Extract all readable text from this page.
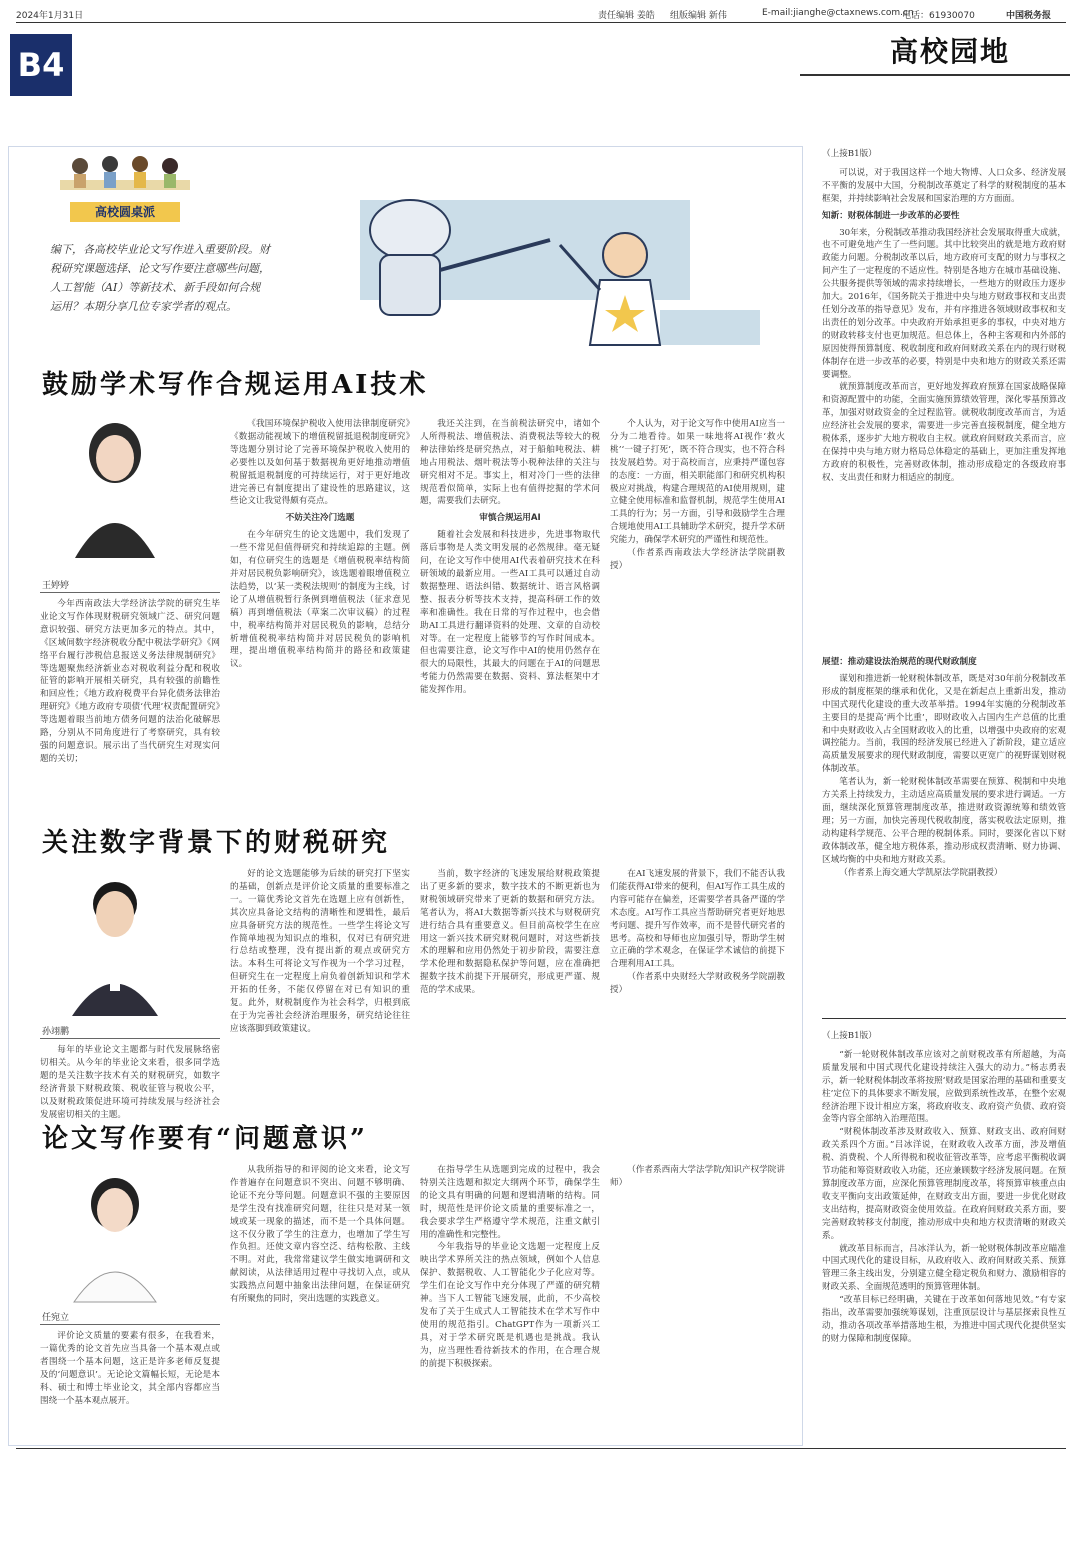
2024年1月31日	责任编辑 姜皓 组版编辑 新伟	E-mail:jianghe@ctaxnews.com.cn
电话：61930070	中国税务报
B4	高校园地
高校圆桌派
编下，各高校毕业论文写作进入重要阶段。财税研究课题选择、论文写作要注意哪些问题，人工智能（AI）等新技术、新手段如何合规运用？本期分享几位专家学者的观点。
鼓励学术写作合规运用AI技术
王婷婷

今年西南政法大学经济法学院的研究生毕业论文写作体现财税研究领域广泛、研究问题意识较强、研究方法更加多元的特点。其中，《区域间数字经济税收分配中税法学研究》《网络平台履行涉税信息报送义务法律规制研究》等选题聚焦经济新业态对税收利益分配和税收征管的影响开展相关研究，具有较强的前瞻性和回应性；《地方政府税费平台异化债务法律治理研究》《地方政府专项债‘代理’权责配置研究》等选题着眼当前地方债务问题的法治化破解思路，分别从不同角度进行了考察研究，具有较强的问题意识。展示出了当代研究生对现实问题的关切；

《我国环境保护税收入使用法律制度研究》《数据动能视域下的增值税留抵退税制度研究》等选题分别讨论了完善环境保护税收入使用的必要性以及如何基于数据视角更好地推动增值税留抵退税制度的可持续运行，对于更好地改进完善已有制度提出了建设性的思路建议，这些论文让我觉得颇有亮点。

不妨关注冷门选题

在今年研究生的论文选题中，我们发现了一些不常见但值得研究和持续追踪的主题。例如，有位研究生的选题是《增值税税率结构简并对居民税负影响研究》，该选题着眼增值税立法趋势，以‘某一类税法规则’的制度为主线，讨论了从增值税暂行条例到增值税法（征求意见稿）再到增值税法（草案二次审议稿）的过程中，税率结构简并对居民税负的影响，总结分析增值税税率结构简并对居民税负的影响机理，提出增值税率结构简并的路径和政策建议。

我还关注到，在当前税法研究中，诸如个人所得税法、增值税法、消费税法等较大的税种法律始终是研究热点，对于船舶吨税法、耕地占用税法、烟叶税法等小税种法律的关注与研究相对不足。事实上，相对冷门一些的法律规范看似简单，实际上也有值得挖掘的学术问题，需要我们去研究。

审慎合规运用AI

随着社会发展和科技进步，先进事物取代落后事物是人类文明发展的必然规律。毫无疑问，在论文写作中使用AI代表着研究技术在科研领域的最新应用。一些AI工具可以通过自动数据整理、语法纠错、数据统计、语言风格调整、报表分析等技术支持，提高科研工作的效率和准确性。我在日常的写作过程中，也会借助AI工具进行翻译资料的处理、文章的自动校对等。在一定程度上能够节约写作时间成本。但也需要注意，论文写作中AI的使用仍然存在很大的局限性，其最大的问题在于AI的问题思考能力仍然需要在数据、资料、算法框架中才能发挥作用。

个人认为，对于论文写作中使用AI应当一分为二地看待。如果一味地将AI视作‘救火桃’‘一键子打死’，既不符合现实，也不符合科技发展趋势。对于高校而言，应秉持严谨包容的态度：一方面，相关职能部门和研究机构积极应对挑战，构建合理规范的AI使用规则，建立健全使用标准和监督机制，规范学生使用AI工具的行为；另一方面，引导和鼓励学生合理合规地使用AI工具辅助学术研究，提升学术研究能力，确保学术研究的严谨性和规范性。

（作者系西南政法大学经济法学院副教授）

关注数字背景下的财税研究
孙翊鹏

每年的毕业论文主题都与时代发展脉络密切相关。从今年的毕业论文来看，很多同学选题的是关注数字技术有关的财税研究，如数字经济背景下财税政策、税收征管与税收公平，以及财税政策促进环境可持续发展与经济社会发展密切相关的主题。

好的论文选题能够为后续的研究打下坚实的基础，创新点是评价论文质量的重要标准之一。一篇优秀论文首先在选题上应有创新性，其次应具备论文结构的清晰性和逻辑性，最后应具备研究方法的规范性。一些学生将论文写作简单地视为知识点的堆积，仅对已有研究进行总结或整理，没有提出新的观点或研究方法。本科生可将论文写作视为一个学习过程，但研究生在一定程度上肩负着创新知识和学术开拓的任务，不能仅停留在对已有知识的重复。此外，财税制度作为社会科学，归根到底在于为完善社会经济治理服务，研究结论往往应该落脚到政策建议。

当前，数字经济的飞速发展给财税政策提出了更多新的要求，数字技术的不断更新也为财税领域研究带来了更新的数据和研究方法。笔者认为，将AI大数据等新兴技术与财税研究进行结合具有重要意义。但目前高校学生在应用这一新兴技术研究财税问题时，对这些新技术的理解和应用仍然处于初步阶段，需要注意学术伦理和数据隐私保护等问题，应在准确把握数字技术前提下开展研究，形成更严谨、规范的学术成果。

在AI飞速发展的背景下，我们不能否认我们能获得AI带来的便利，但AI写作工具生成的内容可能存在偏差，还需要学者具备严谨的学术态度。AI写作工具应当帮助研究者更好地思考问题、提升写作效率，而不是替代研究者的思考。高校和导师也应加强引导，帮助学生树立正确的学术观念，在保证学术诚信的前提下合理利用AI工具。

（作者系中央财经大学财政税务学院副教授）

论文写作要有“问题意识”
任宛立

评价论文质量的要素有很多，在我看来，一篇优秀的论文首先应当具备一个基本观点或者围绕一个基本问题，这正是许多老师反复提及的‘问题意识’。无论论文篇幅长短，无论是本科、硕士和博士毕业论文，其全部内容都应当围绕一个基本观点展开。

从我所指导的和评阅的论文来看，论文写作普遍存在问题意识不突出、问题不够明确、论证不充分等问题。问题意识不强的主要原因是学生没有找准研究问题，往往只是对某一领域或某一现象的描述，而不是一个具体问题。这不仅分散了学生的注意力，也增加了学生写作负担。还使文章内容空泛、结构松散、主线不明。对此，我常常建议学生做实地调研和文献阅读，从法律适用过程中寻找切入点，或从实践热点问题中抽象出法律问题，在保证研究有所聚焦的同时，突出选题的实践意义。

在指导学生从选题到完成的过程中，我会特别关注选题和拟定大纲两个环节，确保学生的论文具有明确的问题和逻辑清晰的结构。同时，规范性是评价论文质量的重要标准之一，我会要求学生严格遵守学术规范，注重文献引用的准确性和完整性。

今年我指导的毕业论文选题一定程度上反映出学术界所关注的热点领域，例如个人信息保护、数据税收、人工智能化少子化应对等。学生们在论文写作中充分体现了严谨的研究精神。当下人工智能飞速发展，此前，不少高校发布了关于生成式人工智能技术在学术写作中使用的规范指引。ChatGPT作为一项新兴工具，对于学术研究既是机遇也是挑战。我认为，应当理性看待新技术的作用，在合理合规的前提下积极探索。

（作者系西南大学法学院/知识产权学院讲师）

（上接B1版）

可以说，对于我国这样一个地大物博、人口众多、经济发展不平衡的发展中大国，分税制改革奠定了科学的财税制度的基本框架，并持续影响社会发展和国家治理的方方面面。

知新：财税体制进一步改革的必要性

30年来，分税制改革推动我国经济社会发展取得重大成就，也不可避免地产生了一些问题。其中比较突出的就是地方政府财政能力问题。分税制改革以后，地方政府可支配的财力与事权之间产生了一定程度的不适应性。特别是各地方在城市基础设施、公共服务提供等领域的需求持续增长，一些地方的财政压力逐步加大。2016年，《国务院关于推进中央与地方财政事权和支出责任划分改革的指导意见》发布，并有序推进各领域财政事权和支出责任的划分改革。中央政府开始承担更多的事权，中央对地方的财政转移支付也更加规范。但总体上，各种主客观和内外部的原因使得预算制度、税收制度和政府间财政关系在内的现行财税体制存在进一步改革的必要，特别是中央和地方的财政关系还需要调整。

就预算制度改革而言，更好地发挥政府预算在国家战略保障和资源配置中的功能，全面实施预算绩效管理，深化零基预算改革，加强对财政资金的全过程监管。就税收制度改革而言，为适应经济社会发展的要求，需要进一步完善直接税制度，健全地方税体系，逐步扩大地方税收自主权。就政府间财政关系而言，应在保持中央与地方财力格局总体稳定的基础上，更加注重发挥地方政府的积极性，完善财政体制，推动形成稳定的各级政府事权、支出责任和财力相适应的制度。

展望：推动建设法治规范的现代财政制度

谋划和推进新一轮财税体制改革，既是对30年前分税制改革形成的制度框架的继承和优化，又是在新起点上重新出发，推动中国式现代化建设的重大改革举措。1994年实施的分税制改革主要目的是提高‘两个比重’，即财政收入占国内生产总值的比重和中央财政收入占全国财政收入的比重，以增强中央政府的宏观调控能力。当前，我国的经济发展已经进入了新阶段，建立适应高质量发展要求的现代财政制度，需要以更宽广的视野谋划财税体制改革。

笔者认为，新一轮财税体制改革需要在预算、税制和中央地方关系上持续发力，主动适应高质量发展的要求进行调适。一方面，继续深化预算管理制度改革，推进财政资源统筹和绩效管理；另一方面，加快完善现代税收制度，落实税收法定原则，推动构建科学规范、公平合理的税制体系。同时，要深化省以下财政体制改革，健全地方税体系，推动形成权责清晰、财力协调、区域均衡的中央和地方财政关系。

（作者系上海交通大学凯原法学院副教授）

（上接B1版）

“新一轮财税体制改革应该对之前财税改革有所超越，为高质量发展和中国式现代化建设持续注入强大的动力。”杨志勇表示，新一轮财税体制改革将按照‘财政是国家治理的基础和重要支柱’定位下的具体要求不断发展，应做到系统性改革，在整个宏观经济治理下设计相应方案，将政府收支、政府资产负债、政府资金等内容全部纳入治理范围。

“财税体制改革涉及财政收入、预算、财政支出、政府间财政关系四个方面。”吕冰洋说，在财政收入改革方面，涉及增值税、消费税、个人所得税和税收征管改革等，应考虑平衡税收调节功能和筹资财政收入功能，还应兼顾数字经济发展问题。在预算制度改革方面，应深化预算管理制度改革，将预算审核重点由收支平衡向支出政策延伸，在财政支出方面，要进一步优化财政支出结构，提高财政资金使用效益。在政府间财政关系方面，要完善财政转移支付制度，推动形成中央和地方权责清晰的财政关系。

就改革目标而言，吕冰洋认为，新一轮财税体制改革应瞄准中国式现代化的建设目标，从政府收入、政府间财政关系、预算管理三条主线出发，分别建立健全稳定税负和财力、激励相容的财政关系、全面规范透明的预算管理体制。

“改革目标已经明确，关键在于改革如何落地见效。”有专家指出，改革需要加强统筹谋划，注重顶层设计与基层探索良性互动，推动各项改革举措落地生根，为推进中国式现代化提供坚实的财力保障和制度保障。
